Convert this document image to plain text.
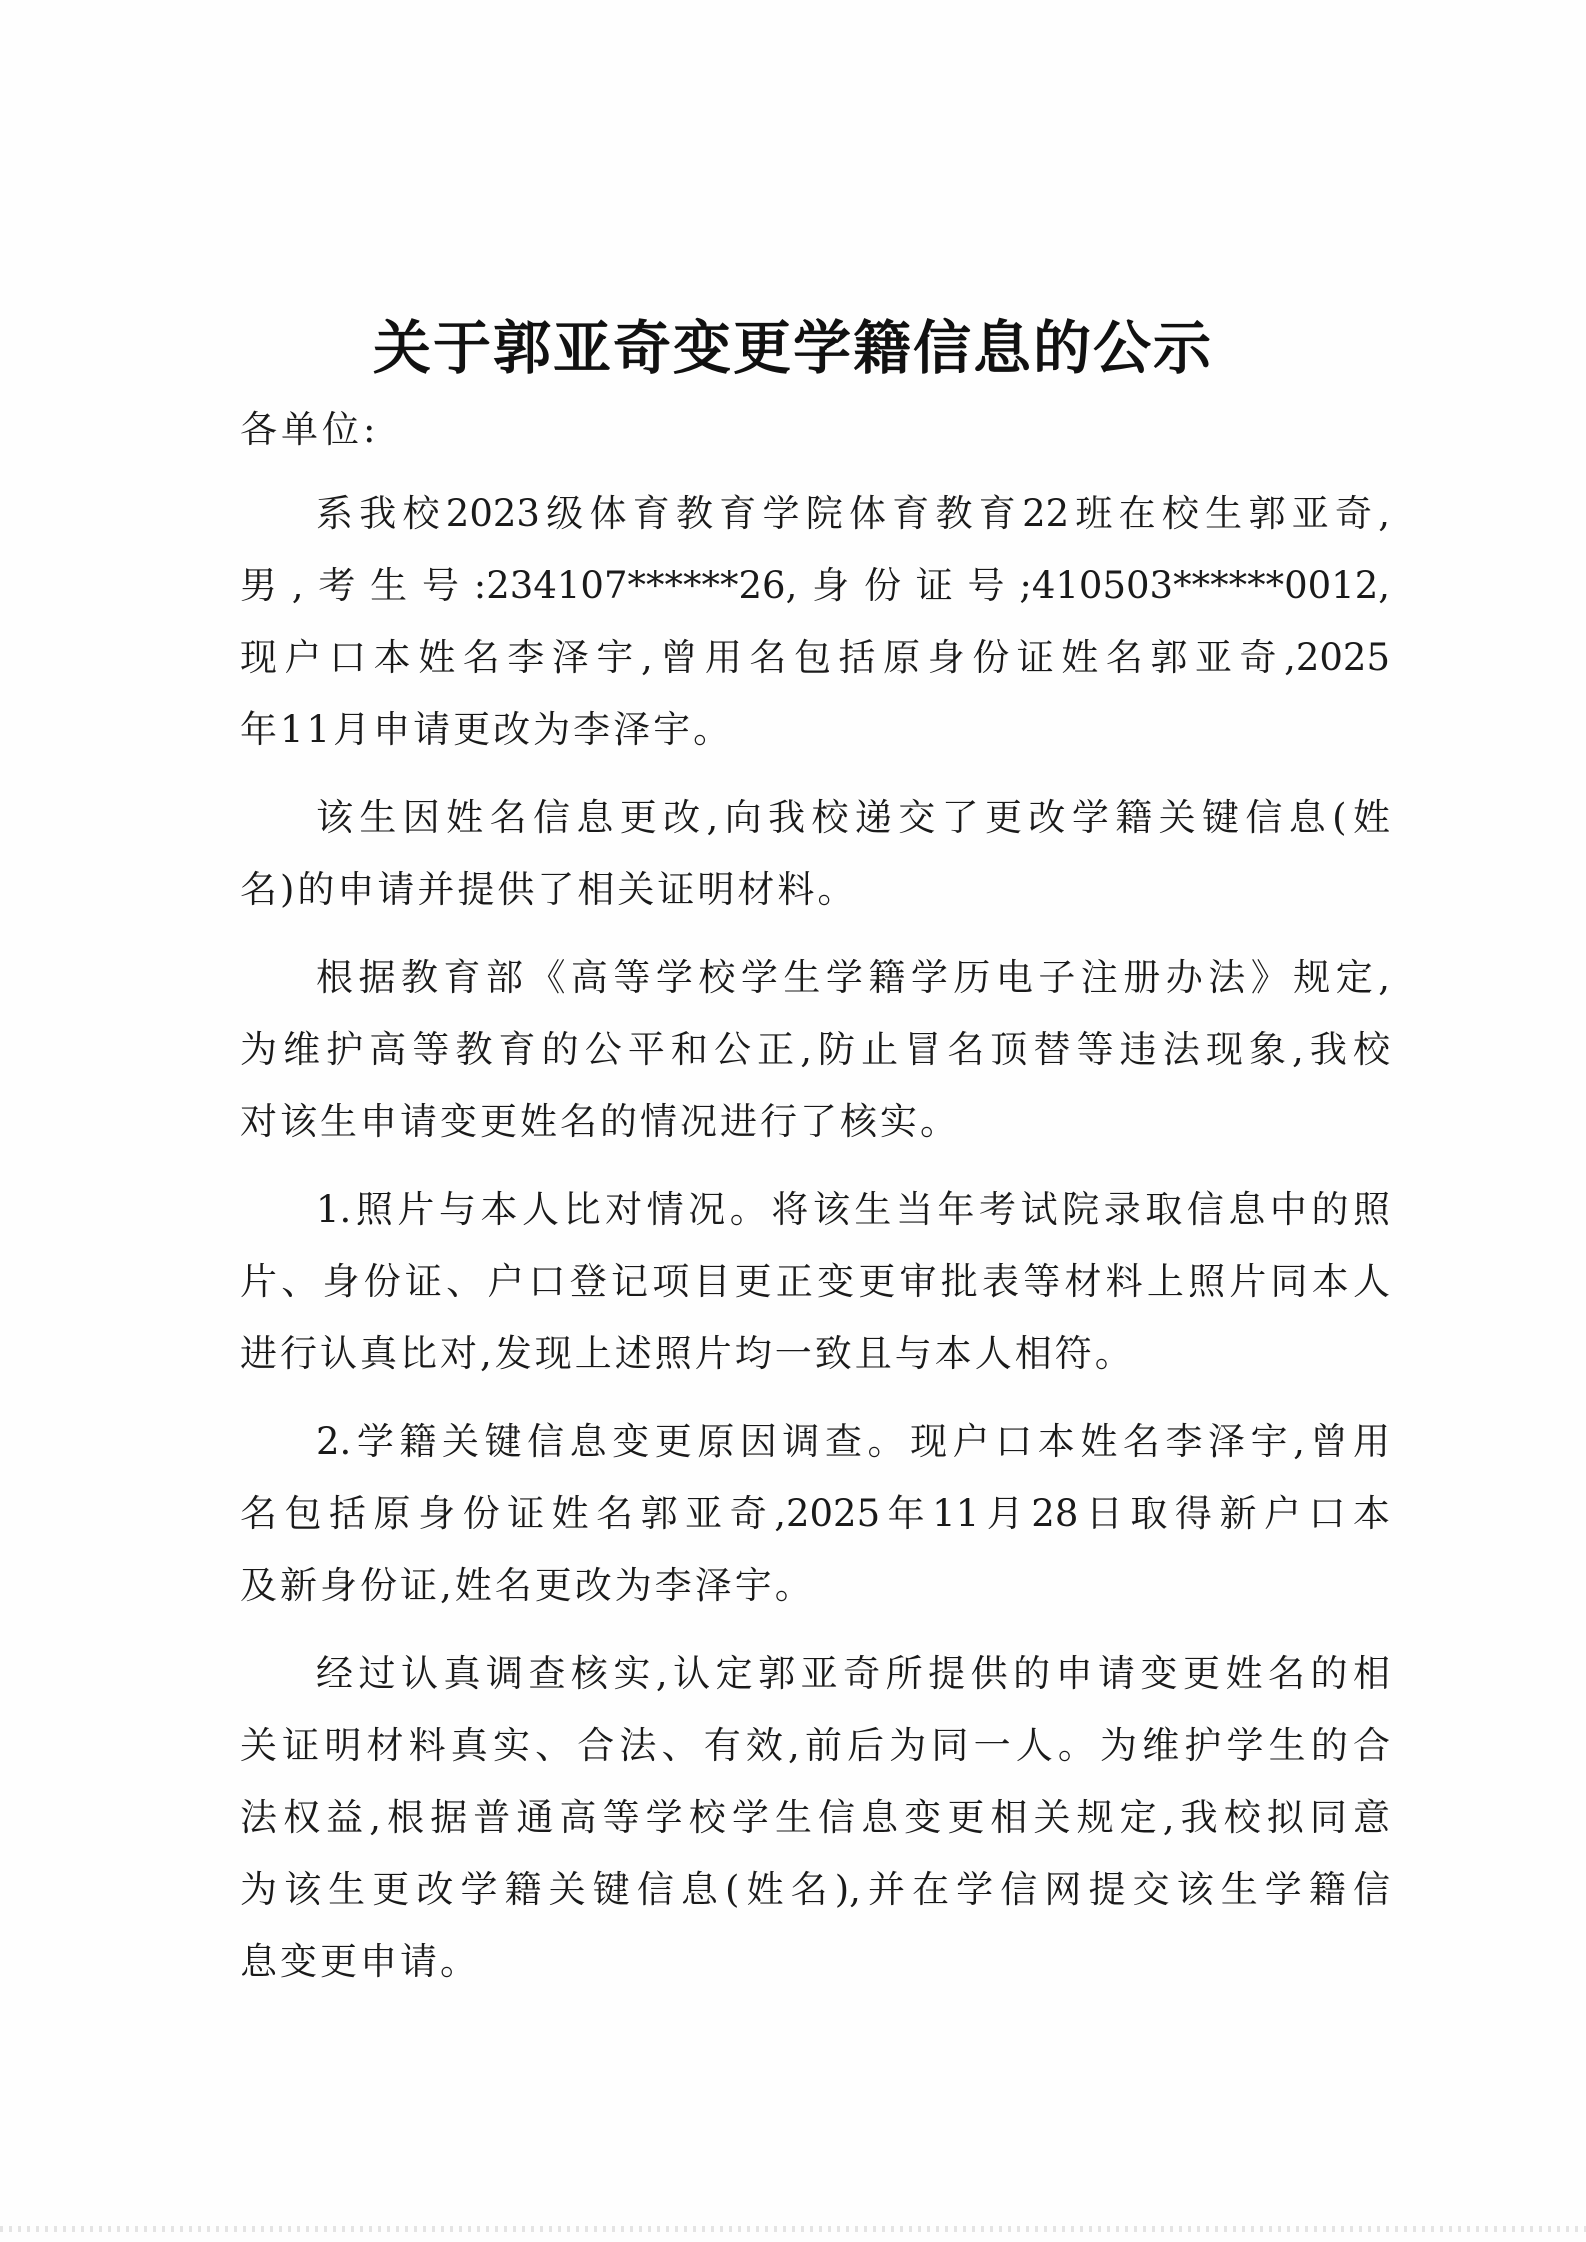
关于郭亚奇变更学籍信息的公示
各单位:
系我校2023级体育教育学院体育教育22班在校生郭亚奇,
男,考生号:234107******26,身份证号;410503******0012,
现户口本姓名李泽宇,曾用名包括原身份证姓名郭亚奇,2025
年11月申请更改为李泽宇。
该生因姓名信息更改,向我校递交了更改学籍关键信息(姓
名)的申请并提供了相关证明材料。
根据教育部《高等学校学生学籍学历电子注册办法》规定,
为维护高等教育的公平和公正,防止冒名顶替等违法现象,我校
对该生申请变更姓名的情况进行了核实。
1.照片与本人比对情况。将该生当年考试院录取信息中的照
片、身份证、户口登记项目更正变更审批表等材料上照片同本人
进行认真比对,发现上述照片均一致且与本人相符。
2.学籍关键信息变更原因调查。现户口本姓名李泽宇,曾用
名包括原身份证姓名郭亚奇,2025年11月28日取得新户口本
及新身份证,姓名更改为李泽宇。
经过认真调查核实,认定郭亚奇所提供的申请变更姓名的相
关证明材料真实、合法、有效,前后为同一人。为维护学生的合
法权益,根据普通高等学校学生信息变更相关规定,我校拟同意
为该生更改学籍关键信息(姓名),并在学信网提交该生学籍信
息变更申请。
